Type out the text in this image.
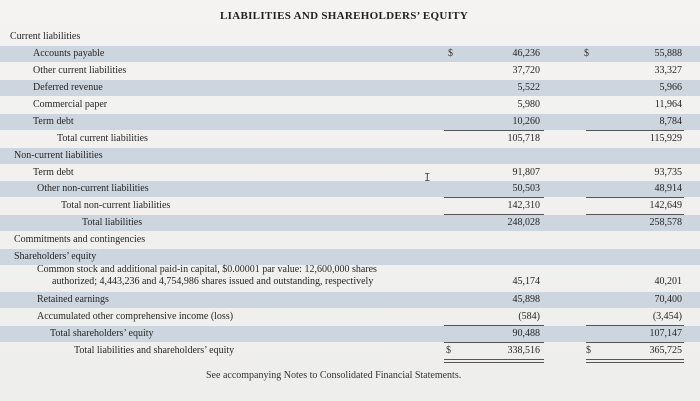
LIABILITIES AND SHAREHOLDERS’ EQUITY
Current liabilities
Accounts payable	$	46,236	$	55,888
Other current liabilities	37,720	33,327
Deferred revenue	5,522	5,966
Commercial paper	5,980	11,964
Term debt	10,260	8,784
Total current liabilities	105,718	115,929
Non-current liabilities
Term debt	91,807	93,735
Other non-current liabilities	50,503	48,914
Total non-current liabilities	142,310	142,649
Total liabilities	248,028	258,578
Commitments and contingencies
Shareholders’ equity
Common stock and additional paid-in capital, $0.00001 par value: 12,600,000 shares
authorized; 4,443,236 and 4,754,986 shares issued and outstanding, respectively	45,174	40,201
Retained earnings	45,898	70,400
Accumulated other comprehensive income (loss)	(584)	(3,454)
Total shareholders’ equity	90,488	107,147
Total liabilities and shareholders’ equity	$	338,516	$	365,725
I
See accompanying Notes to Consolidated Financial Statements.
